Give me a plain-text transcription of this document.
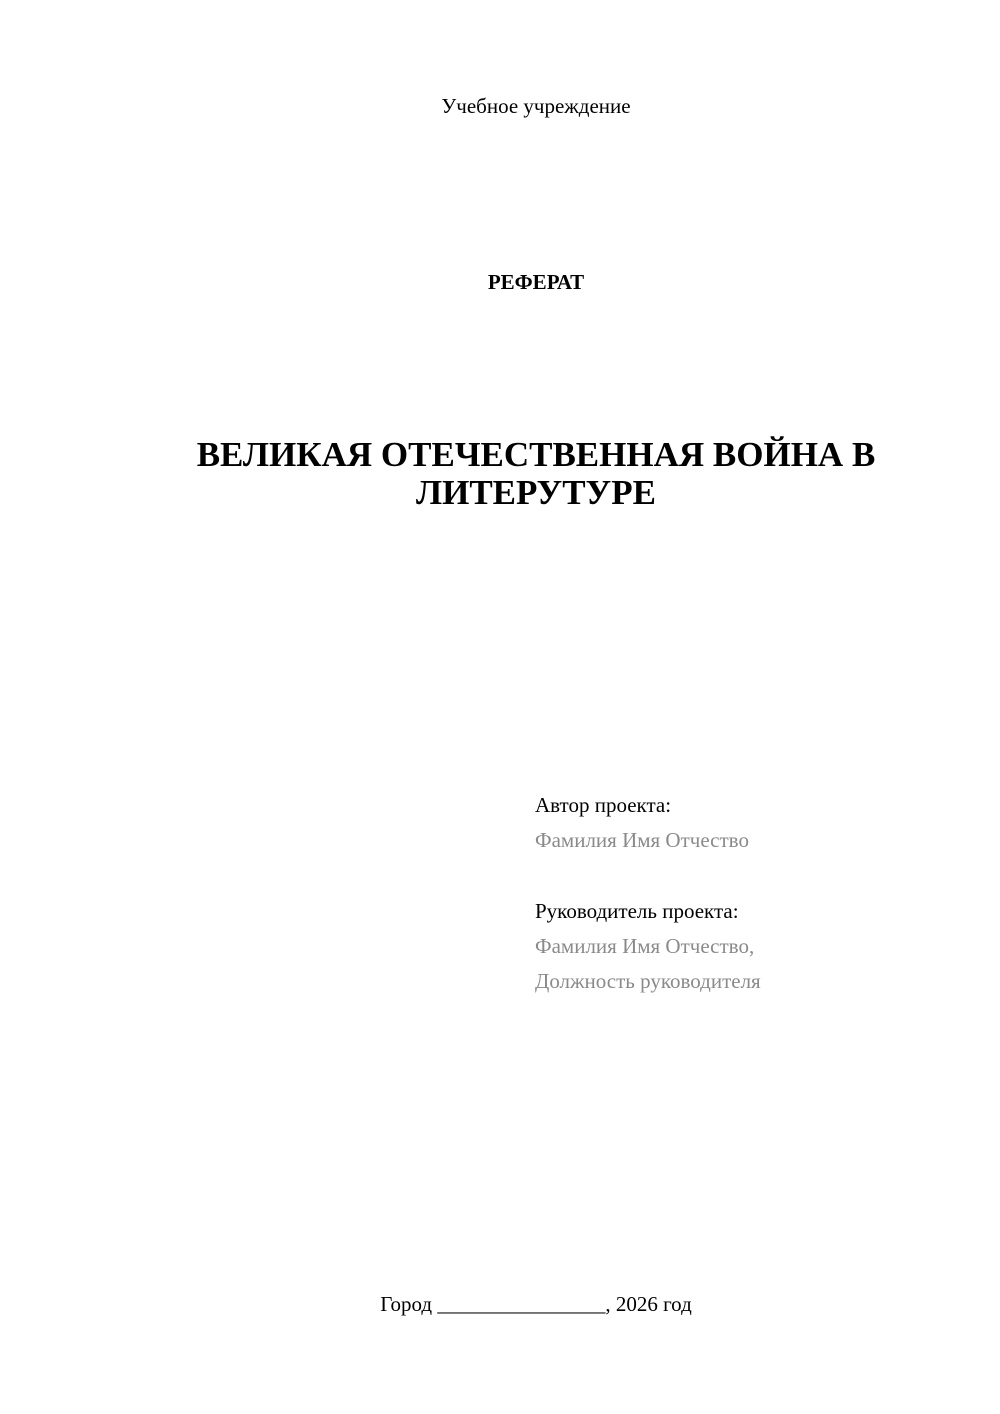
Учебное учреждение
РЕФЕРАТ
ВЕЛИКАЯ ОТЕЧЕСТВЕННАЯ ВОЙНА В
ЛИТЕРУТУРЕ
Автор проекта:
Фамилия Имя Отчество
Руководитель проекта:
Фамилия Имя Отчество,
Должность руководителя
Город ________________, 2026 год
